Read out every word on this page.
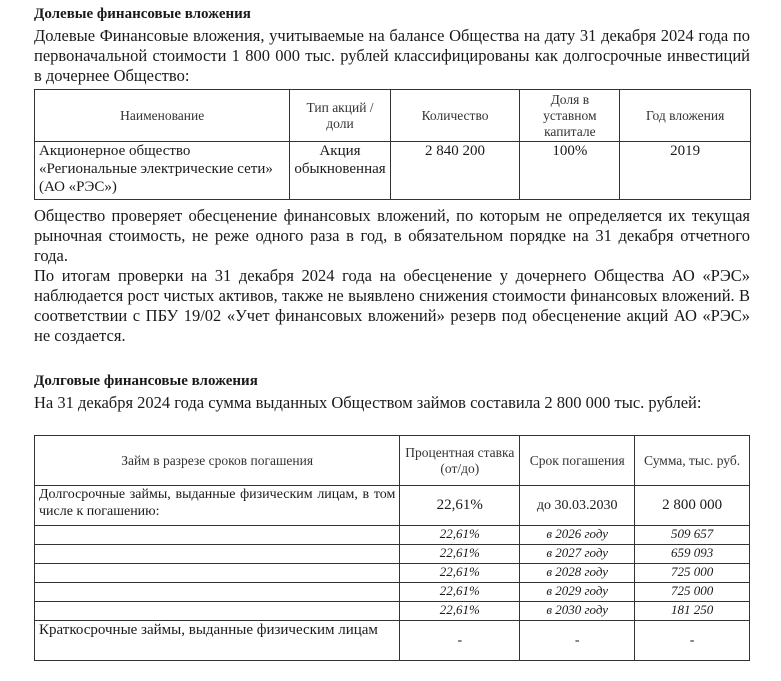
Долевые финансовые вложения
Долевые Финансовые вложения, учитываемые на балансе Общества на дату 31 декабря 2024 года по первоначальной стоимости 1 800 000 тыс. рублей классифицированы как долгосрочные инвестиций в дочернее Общество:
Наименование	Тип акций / доли	Количество	Доля в уставном капитале	Год вложения
Акционерное общество «Региональные электрические сети» (АО «РЭС»)	Акция обыкновенная	2 840 200	100%	2019
Общество проверяет обесценение финансовых вложений, по которым не определяется их текущая рыночная стоимость, не реже одного раза в год, в обязательном порядке на 31 декабря отчетного года.
По итогам проверки на 31 декабря 2024 года на обесценение у дочернего Общества АО «РЭС» наблюдается рост чистых активов, также не выявлено снижения стоимости финансовых вложений. В соответствии с ПБУ 19/02 «Учет финансовых вложений» резерв под обесценение акций АО «РЭС» не создается.
Долговые финансовые вложения
На 31 декабря 2024 года сумма выданных Обществом займов составила 2 800 000 тыс. рублей:
Займ в разрезе сроков погашения	Процентная ставка (от/до)	Срок погашения	Сумма, тыс. руб.
Долгосрочные займы, выданные физическим лицам, в том числе к погашению:	22,61%	до 30.03.2030	2 800 000
	22,61%	в 2026 году	509 657
	22,61%	в 2027 году	659 093
	22,61%	в 2028 году	725 000
	22,61%	в 2029 году	725 000
	22,61%	в 2030 году	181 250
Краткосрочные займы, выданные физическим лицам	-	-	-
